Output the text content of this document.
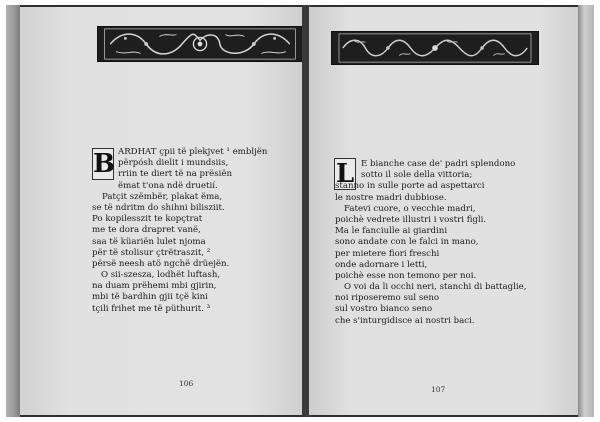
B ARDHAT çpii të plekjvet ¹ embljën
përpósh dielit i mundsiis,
rriin te diert të na prësiën
ëmat t'ona ndë druetií.
Patçit szëmbër, plakat ëma,
se të ndritm do shihni bilisziit.
Po kopilesszit te kopçtrat
me te dora drapret vanë,
saa të küariën lulet njoma
për të stolisur çtrëtraszit, ²
përsë neesh atö ngchë drüejën.
O sii-szesza, lodhët luftash,
na duam prëhemi mbi gjirin,
mbi të bardhin gjii tçë kini
tçili frihet me të püthurit. ³
106
L E bianche case de' padri splendono
sotto il sole della vittoria;
stanno in sulle porte ad aspettarci
le nostre madri dubbiose.
Fatevi cuore, o vecchie madri,
poichè vedrete illustri i vostri figli.
Ma le fanciulle ai giardini
sono andate con le falci in mano,
per mietere fiori freschi
onde adornare i letti,
poichè esse non temono per noi.
O voi da li occhi neri, stanchi di battaglie,
noi riposeremo sul seno
sul vostro bianco seno
che s'inturgidisce ai nostri baci.
107
